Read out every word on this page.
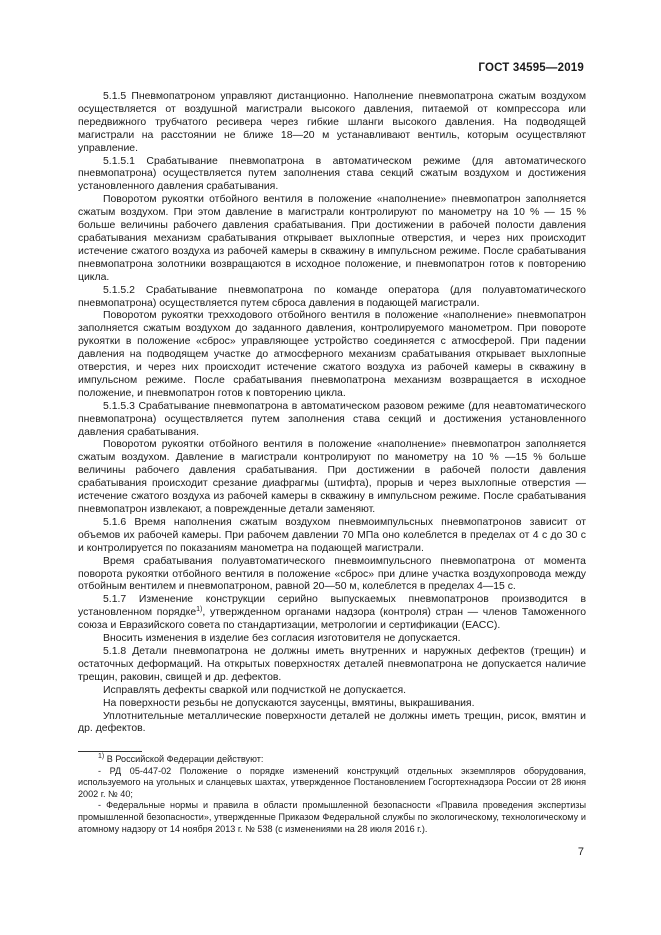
ГОСТ 34595—2019

5.1.5 Пневмопатроном управляют дистанционно. Наполнение пневмопатрона сжатым воздухом осуществляется от воздушной магистрали высокого давления, питаемой от компрессора или передвижного трубчатого ресивера через гибкие шланги высокого давления. На подводящей магистрали на расстоянии не ближе 18—20 м устанавливают вентиль, которым осуществляют управление.

5.1.5.1 Срабатывание пневмопатрона в автоматическом режиме (для автоматического пневмопатрона) осуществляется путем заполнения става секций сжатым воздухом и достижения установленного давления срабатывания.

Поворотом рукоятки отбойного вентиля в положение «наполнение» пневмопатрон заполняется сжатым воздухом. При этом давление в магистрали контролируют по манометру на 10 % — 15 % больше величины рабочего давления срабатывания. При достижении в рабочей полости давления срабатывания механизм срабатывания открывает выхлопные отверстия, и через них происходит истечение сжатого воздуха из рабочей камеры в скважину в импульсном режиме. После срабатывания пневмопатрона золотники возвращаются в исходное положение, и пневмопатрон готов к повторению цикла.

5.1.5.2 Срабатывание пневмопатрона по команде оператора (для полуавтоматического пневмопатрона) осуществляется путем сброса давления в подающей магистрали.

Поворотом рукоятки трехходового отбойного вентиля в положение «наполнение» пневмопатрон заполняется сжатым воздухом до заданного давления, контролируемого манометром. При повороте рукоятки в положение «сброс» управляющее устройство соединяется с атмосферой. При падении давления на подводящем участке до атмосферного механизм срабатывания открывает выхлопные отверстия, и через них происходит истечение сжатого воздуха из рабочей камеры в скважину в импульсном режиме. После срабатывания пневмопатрона механизм возвращается в исходное положение, и пневмопатрон готов к повторению цикла.

5.1.5.3 Срабатывание пневмопатрона в автоматическом разовом режиме (для неавтоматического пневмопатрона) осуществляется путем заполнения става секций и достижения установленного давления срабатывания.

Поворотом рукоятки отбойного вентиля в положение «наполнение» пневмопатрон заполняется сжатым воздухом. Давление в магистрали контролируют по манометру на 10 % —15 % больше величины рабочего давления срабатывания. При достижении в рабочей полости давления срабатывания происходит срезание диафрагмы (штифта), прорыв и через выхлопные отверстия — истечение сжатого воздуха из рабочей камеры в скважину в импульсном режиме. После срабатывания пневмопатрон извлекают, а поврежденные детали заменяют.

5.1.6 Время наполнения сжатым воздухом пневмоимпульсных пневмопатронов зависит от объемов их рабочей камеры. При рабочем давлении 70 МПа оно колеблется в пределах от 4 с до 30 с и контролируется по показаниям манометра на подающей магистрали.

Время срабатывания полуавтоматического пневмоимпульсного пневмопатрона от момента поворота рукоятки отбойного вентиля в положение «сброс» при длине участка воздухопровода между отбойным вентилем и пневмопатроном, равной 20—50 м, колеблется в пределах 4—15 с.

5.1.7 Изменение конструкции серийно выпускаемых пневмопатронов производится в установленном порядке$^{1)}$, утвержденном органами надзора (контроля) стран — членов Таможенного союза и Евразийского совета по стандартизации, метрологии и сертификации (ЕАСС).

Вносить изменения в изделие без согласия изготовителя не допускается.

5.1.8 Детали пневмопатрона не должны иметь внутренних и наружных дефектов (трещин) и остаточных деформаций. На открытых поверхностях деталей пневмопатрона не допускается наличие трещин, раковин, свищей и др. дефектов.

Исправлять дефекты сваркой или подчисткой не допускается.

На поверхности резьбы не допускаются заусенцы, вмятины, выкрашивания.

Уплотнительные металлические поверхности деталей не должны иметь трещин, рисок, вмятин и др. дефектов.

$^{1)}$ В Российской Федерации действуют:

- РД 05-447-02 Положение о порядке изменений конструкций отдельных экземпляров оборудования, используемого на угольных и сланцевых шахтах, утвержденное Постановлением Госгортехнадзора России от 28 июня 2002 г. № 40;

- Федеральные нормы и правила в области промышленной безопасности «Правила проведения экспертизы промышленной безопасности», утвержденные Приказом Федеральной службы по экологическому, технологическому и атомному надзору от 14 ноября 2013 г. № 538 (с изменениями на 28 июля 2016 г.).

7
